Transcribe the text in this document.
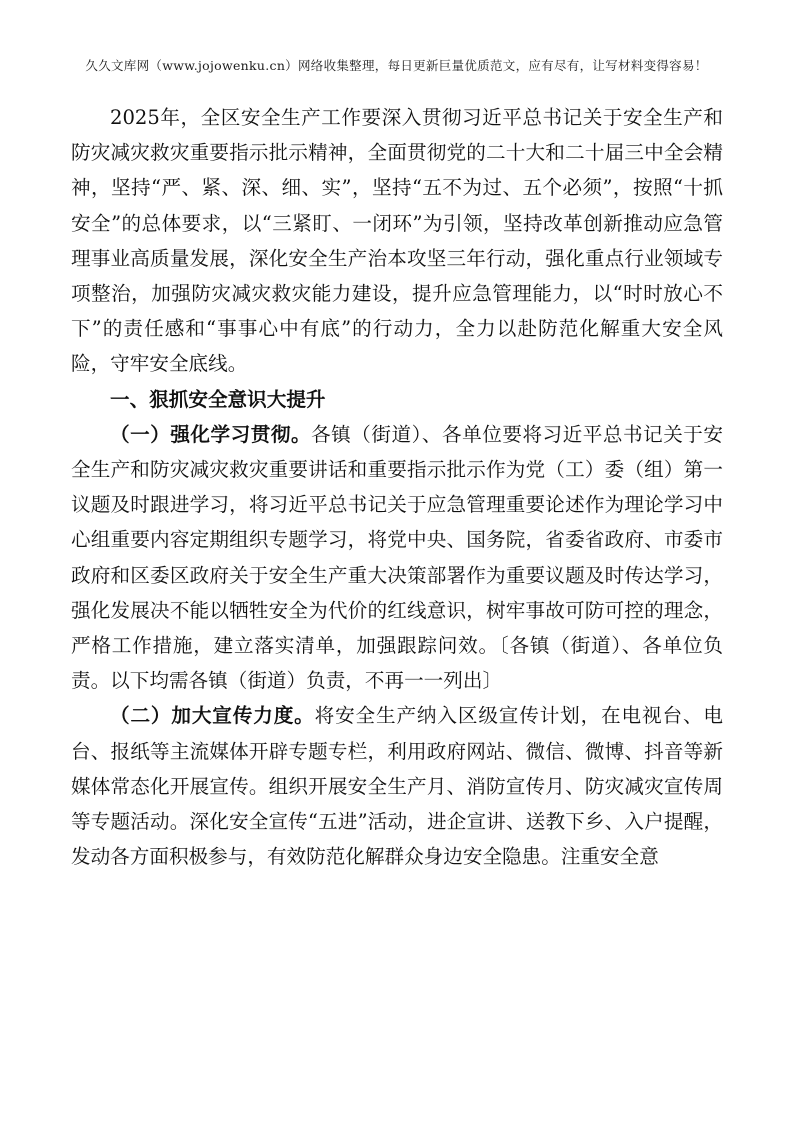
久久文库网（www.jojowenku.cn）网络收集整理，每日更新巨量优质范文，应有尽有，让写材料变得容易！

2025年，全区安全生产工作要深入贯彻习近平总书记关于安全生产和防灾减灾救灾重要指示批示精神，全面贯彻党的二十大和二十届三中全会精神，坚持“严、紧、深、细、实”，坚持“五不为过、五个必须”，按照“十抓安全”的总体要求，以“三紧盯、一闭环”为引领，坚持改革创新推动应急管理事业高质量发展，深化安全生产治本攻坚三年行动，强化重点行业领域专项整治，加强防灾减灾救灾能力建设，提升应急管理能力，以“时时放心不下”的责任感和“事事心中有底”的行动力，全力以赴防范化解重大安全风险，守牢安全底线。

一、狠抓安全意识大提升

（一）强化学习贯彻。各镇（街道）、各单位要将习近平总书记关于安全生产和防灾减灾救灾重要讲话和重要指示批示作为党（工）委（组）第一议题及时跟进学习，将习近平总书记关于应急管理重要论述作为理论学习中心组重要内容定期组织专题学习，将党中央、国务院，省委省政府、市委市政府和区委区政府关于安全生产重大决策部署作为重要议题及时传达学习，强化发展决不能以牺牲安全为代价的红线意识，树牢事故可防可控的理念，严格工作措施，建立落实清单，加强跟踪问效。〔各镇（街道）、各单位负责。以下均需各镇（街道）负责，不再一一列出〕

（二）加大宣传力度。将安全生产纳入区级宣传计划，在电视台、电台、报纸等主流媒体开辟专题专栏，利用政府网站、微信、微博、抖音等新媒体常态化开展宣传。组织开展安全生产月、消防宣传月、防灾减灾宣传周等专题活动。深化安全宣传“五进”活动，进企宣讲、送教下乡、入户提醒，发动各方面积极参与，有效防范化解群众身边安全隐患。注重安全意
